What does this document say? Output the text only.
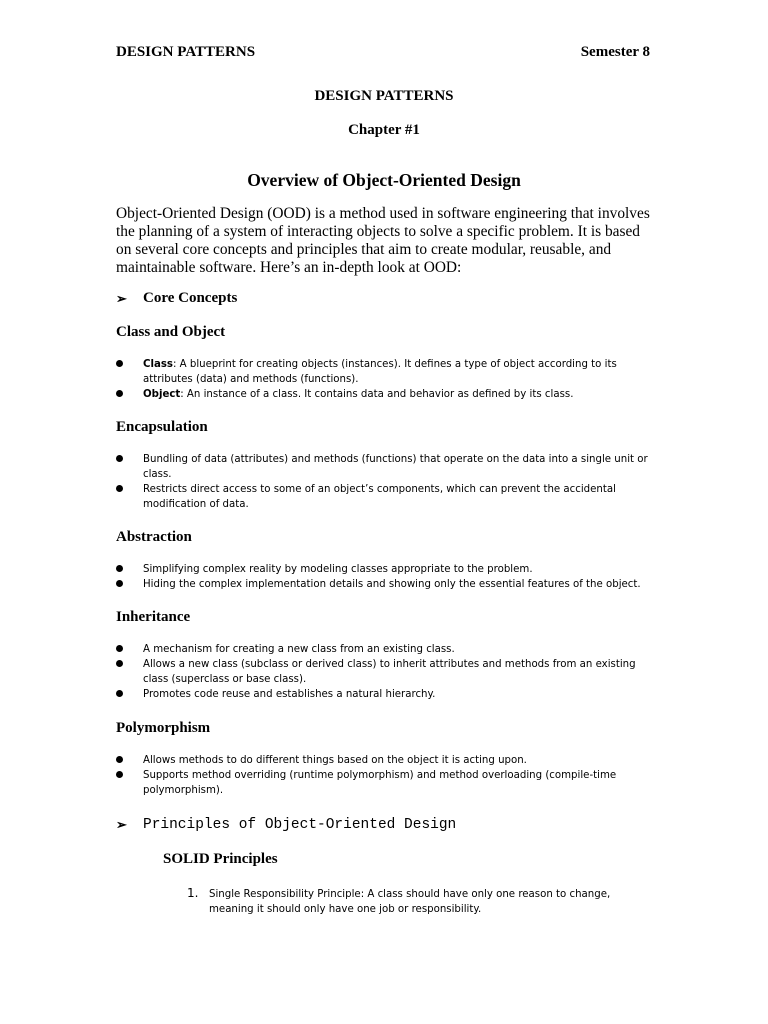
DESIGN PATTERNS	Semester 8
DESIGN PATTERNS
Chapter #1
Overview of Object-Oriented Design

Object-Oriented Design (OOD) is a method used in software engineering that involves the planning of a system of interacting objects to solve a specific problem. It is based on several core concepts and principles that aim to create modular, reusable, and maintainable software. Here’s an in-depth look at OOD:

➢	Core Concepts
Class and Object
Class: A blueprint for creating objects (instances). It defines a type of object according to its attributes (data) and methods (functions).
Object: An instance of a class. It contains data and behavior as defined by its class.
Encapsulation
Bundling of data (attributes) and methods (functions) that operate on the data into a single unit or class.
Restricts direct access to some of an object’s components, which can prevent the accidental modification of data.
Abstraction
Simplifying complex reality by modeling classes appropriate to the problem.
Hiding the complex implementation details and showing only the essential features of the object.
Inheritance
A mechanism for creating a new class from an existing class.
Allows a new class (subclass or derived class) to inherit attributes and methods from an existing class (superclass or base class).
Promotes code reuse and establishes a natural hierarchy.
Polymorphism
Allows methods to do different things based on the object it is acting upon.
Supports method overriding (runtime polymorphism) and method overloading (compile-time polymorphism).
➢	Principles of Object-Oriented Design
SOLID Principles
1. Single Responsibility Principle: A class should have only one reason to change, meaning it should only have one job or responsibility.
